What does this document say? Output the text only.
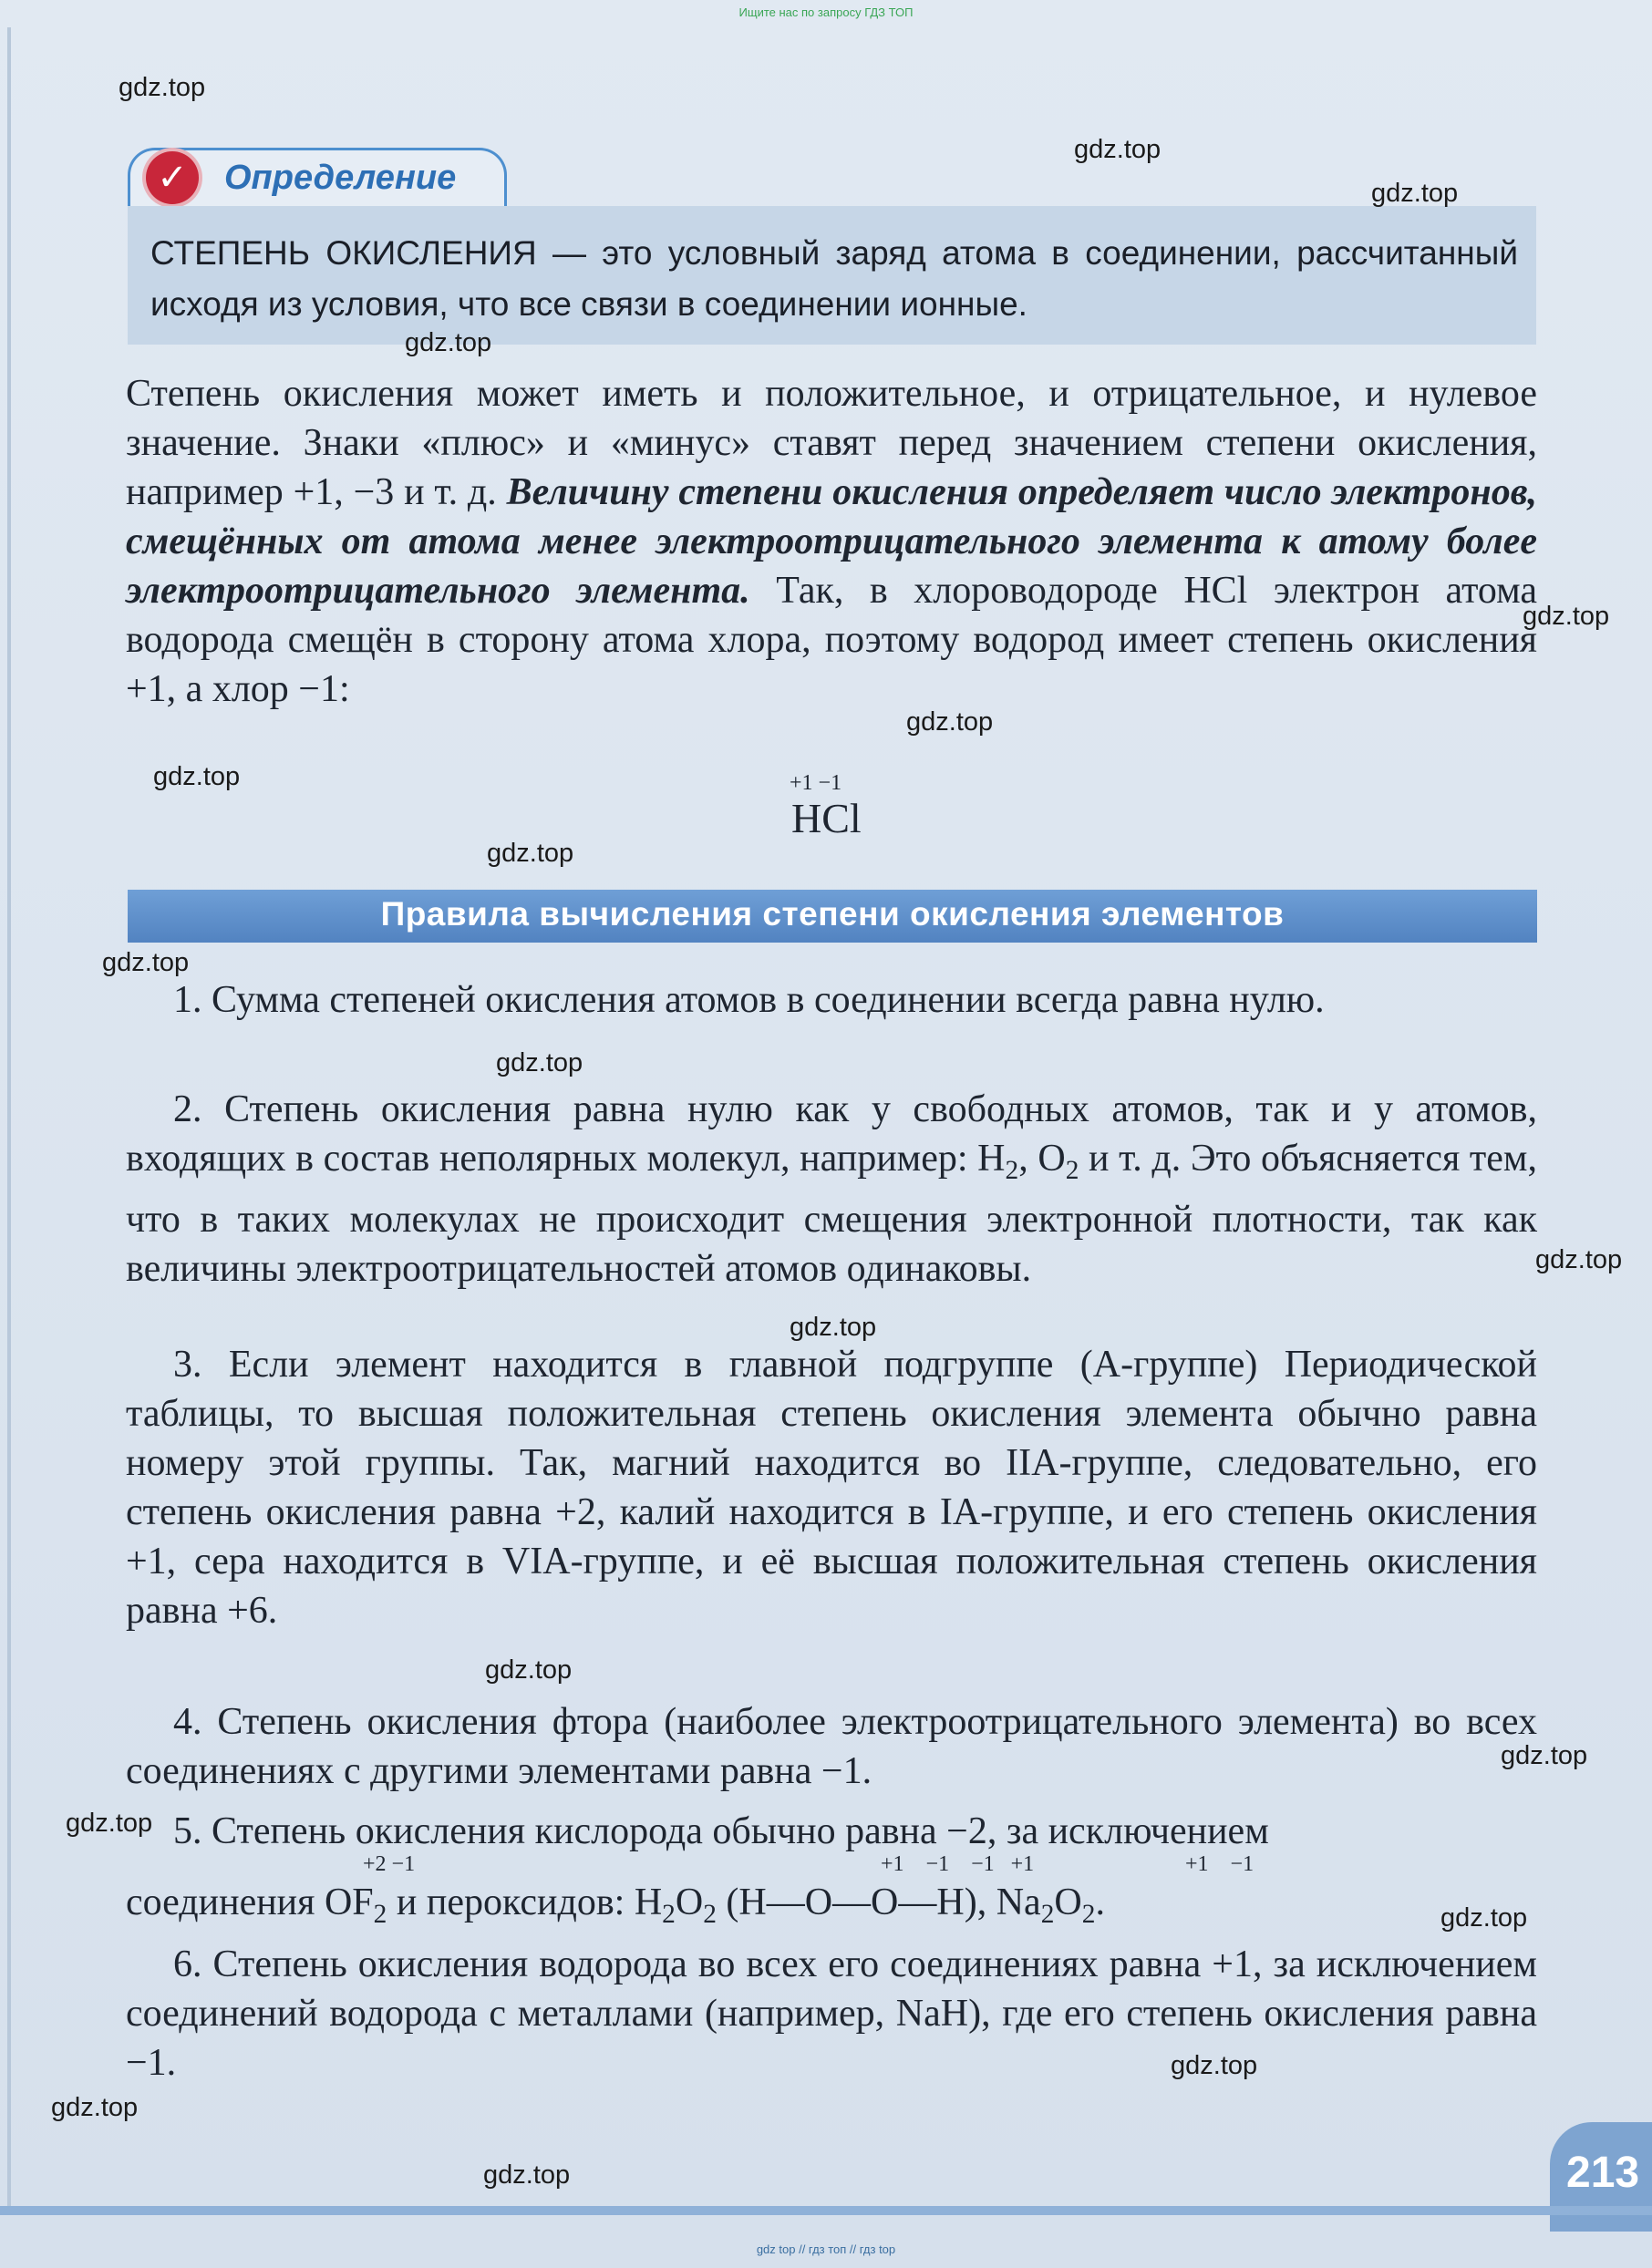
Ищите нас по запросу ГДЗ ТОП
✓	Определение
СТЕПЕНЬ ОКИСЛЕНИЯ — это условный заряд атома в соединении, рассчитанный исходя из условия, что все связи в соединении ионные.
Степень окисления может иметь и положительное, и отрицательное, и нулевое значение. Знаки «плюс» и «минус» ставят перед значением степени окисления, например +1, −3 и т. д. Величину степени окисления определяет число электронов, смещённых от атома менее электроотрицательного элемента к атому более электроотрицательного элемента. Так, в хлороводороде HCl электрон атома водорода смещён в сторону атома хлора, поэтому водород имеет степень окисления +1, а хлор −1:
+1 −1
HCl
Правила вычисления степени окисления элементов
1. Сумма степеней окисления атомов в соединении всегда равна нулю.
2. Степень окисления равна нулю как у свободных атомов, так и у атомов, входящих в состав неполярных молекул, например: $H_2$, $O_2$ и т. д. Это объясняется тем, что в таких молекулах не происходит смещения электронной плотности, так как величины электроотрицательностей атомов одинаковы.
3. Если элемент находится в главной подгруппе (А-группе) Периодической таблицы, то высшая положительная степень окисления элемента обычно равна номеру этой группы. Так, магний находится во IIA-группе, следовательно, его степень окисления равна +2, калий находится в IA-группе, и его степень окисления +1, сера находится в VIA-группе, и её высшая положительная степень окисления равна +6.
4. Степень окисления фтора (наиболее электроотрицательного элемента) во всех соединениях с другими элементами равна −1.
5. Степень окисления кислорода обычно равна −2, за исключением
+2 −1	+1    −1    −1   +1	+1    −1
соединения $OF_2$ и пероксидов: $H_2O_2$ (H—O—O—H), $Na_2O_2$.
6. Степень окисления водорода во всех его соединениях равна +1, за исключением соединений водорода с металлами (например, NaH), где его степень окисления равна −1.
213
gdz top // гдз топ // гдз top
gdz.top
gdz.top
gdz.top
gdz.top
gdz.top
gdz.top
gdz.top
gdz.top
gdz.top
gdz.top
gdz.top
gdz.top
gdz.top
gdz.top
gdz.top
gdz.top
gdz.top
gdz.top
gdz.top
